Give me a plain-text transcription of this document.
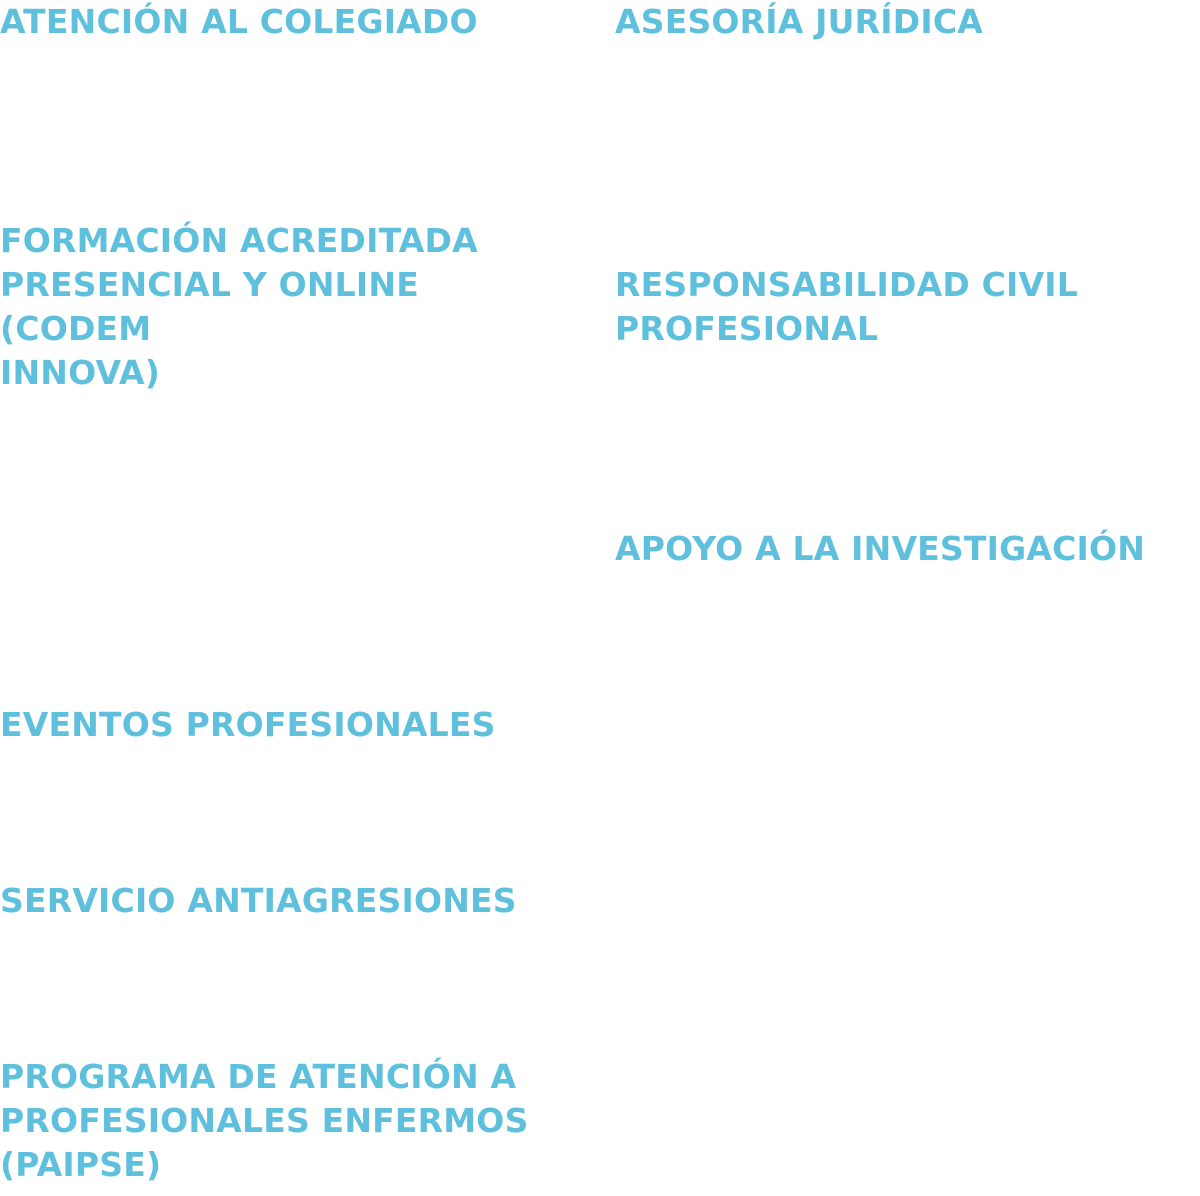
ATENCIÓN AL COLEGIADO
FORMACIÓN ACREDITADA
PRESENCIAL Y ONLINE (CODEM
INNOVA)
EVENTOS PROFESIONALES
SERVICIO ANTIAGRESIONES
PROGRAMA DE ATENCIÓN A
PROFESIONALES ENFERMOS
(PAIPSE)
ASESORÍA JURÍDICA
RESPONSABILIDAD CIVIL
PROFESIONAL
APOYO A LA INVESTIGACIÓN
